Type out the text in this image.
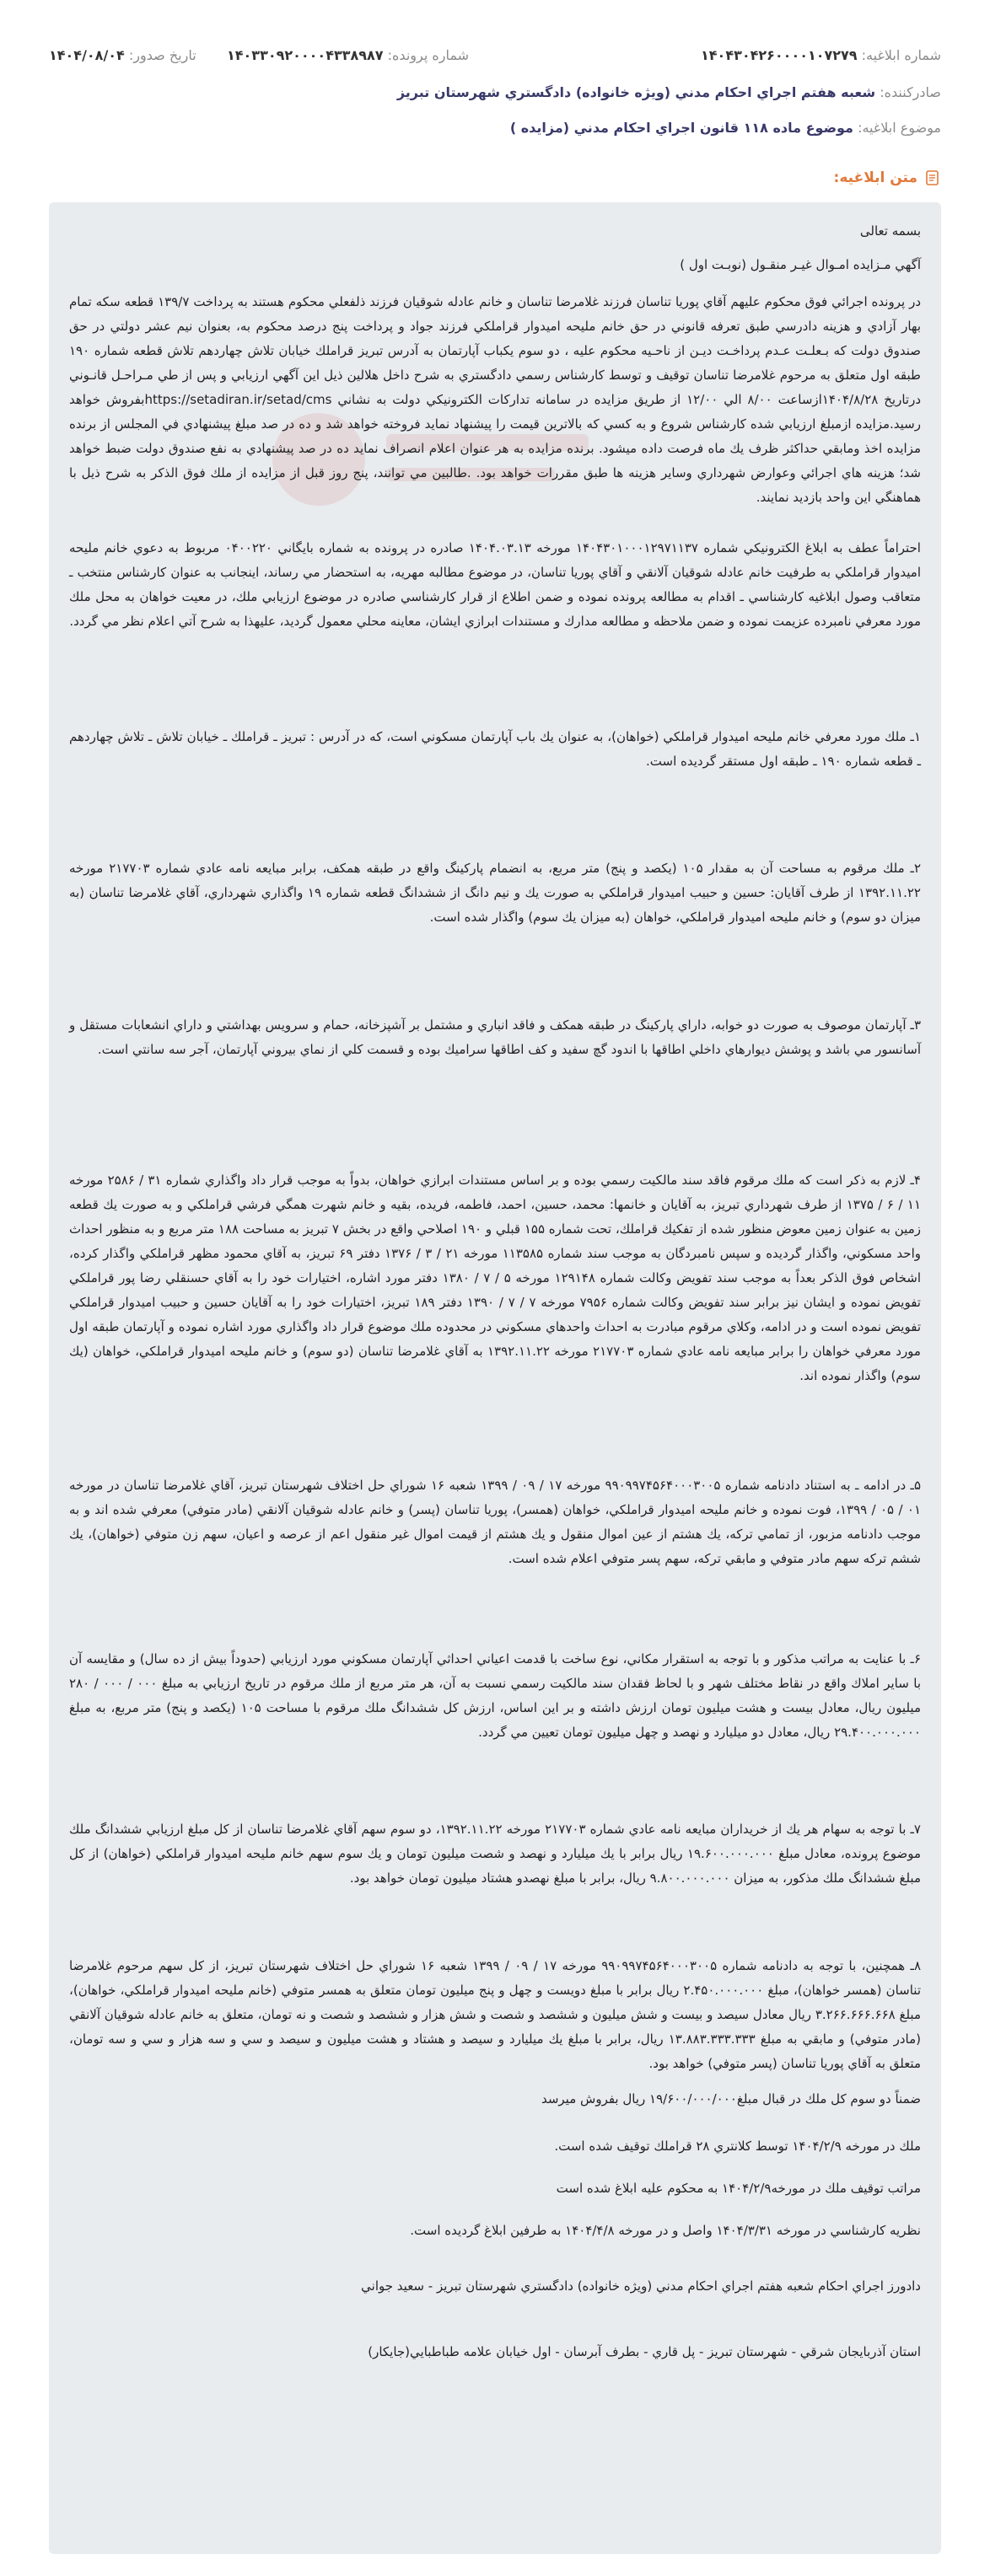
شماره ابلاغیه: ۱۴۰۴۳۰۴۲۶۰۰۰۰۱۰۷۲۷۹
شماره پرونده: ۱۴۰۳۳۰۹۲۰۰۰۰۴۳۳۸۹۸۷
تاریخ صدور: ۱۴۰۴/۰۸/۰۴
صادرکننده: شعبه هفتم اجراي احكام مدني (ويژه خانواده) دادگستري شهرستان تبريز
موضوع ابلاغیه: موضوع ماده ۱۱۸ قانون اجراي احكام مدني (مزايده )
متن ابلاغیه:

بسمه تعالی

آگهي مـزايده امـوال غيـر منقـول (نوبـت اول )

در پرونده اجرائي فوق محكوم عليهم آقاي پوريا تناسان فرزند غلامرضا تناسان و خانم عادله شوقيان فرزند ذلفعلي محكوم هستند به پرداخت ۱۳۹/۷ قطعه سكه تمام بهار آزادي و هزينه دادرسي طبق تعرفه قانوني در حق خانم مليحه اميدوار قراملكي فرزند جواد و پرداخت پنج درصد محكوم به، بعنوان نيم عشر دولتي در حق صندوق دولت كه بـعلـت عـدم پرداخـت ديـن از ناحـيه محكوم عليه ، دو سوم يكباب آپارتمان به آدرس تبريز قراملك خيابان تلاش چهاردهم تلاش قطعه شماره ۱۹۰ طبقه اول متعلق به مرحوم غلامرضا تناسان توقيف و توسط كارشناس رسمي دادگستري به شرح داخل هلالين ذيل اين آگهي ارزيابي و پس از طي مـراحـل قانـوني درتاريخ ۱۴۰۴/۸/۲۸ازساعت ۸/۰۰ الي ۱۲/۰۰ از طريق مزايده در سامانه تداركات الكترونيكي دولت به نشاني https://setadiran.ir/setad/cmsبفروش خواهد رسيد.مزايده ازمبلغ ارزيابي شده كارشناس شروع و به كسي كه بالاترين قيمت را پيشنهاد نمايد فروخته خواهد شد و ده در صد مبلغ پيشنهادي في المجلس از برنده مزايده اخذ ومابقي حداكثر ظرف يك ماه فرصت داده ميشود. برنده مزايده به هر عنوان اعلام انصراف نمايد ده در صد پيشنهادي به نفع صندوق دولت ضبط خواهد شد؛ هزينه هاي اجرائي وعوارض شهرداري وساير هزينه ها طبق مقررات خواهد بود. .طالبين مي توانند، پنج روز قبل از مزايده از ملك فوق الذكر به شرح ذيل با هماهنگي اين واحد بازديد نمايند.

احتراماً عطف به ابلاغ الكترونيكي شماره ۱۴۰۴۳۰۱۰۰۰۱۲۹۷۱۱۳۷ مورخه ۱۴۰۴.۰۳.۱۳ صادره در پرونده به شماره بايگاني ۰۴۰۰۲۲۰ مربوط به دعوي خانم مليحه اميدوار قراملكي به طرفيت خانم عادله شوقيان آلانقي و آقاي پوريا تناسان، در موضوع مطالبه مهريه، به استحضار مي رساند، اينجانب به عنوان كارشناس منتخب ـ متعاقب وصول ابلاغيه كارشناسي ـ اقدام به مطالعه پرونده نموده و ضمن اطلاع از قرار كارشناسي صادره در موضوع ارزيابي ملك، در معيت خواهان به محل ملك مورد معرفي نامبرده عزيمت نموده و ضمن ملاحظه و مطالعه مدارك و مستندات ابرازي ايشان، معاينه محلي معمول گرديد، عليهذا به شرح آتي اعلام نظر مي گردد.

۱ـ ملك مورد معرفي خانم مليحه اميدوار قراملكي (خواهان)، به عنوان يك باب آپارتمان مسكوني است، كه در آدرس : تبريز ـ قراملك ـ خيابان تلاش ـ تلاش چهاردهم ـ قطعه شماره ۱۹۰ ـ طبقه اول مستقر گرديده است.

۲ـ ملك مرقوم به مساحت آن به مقدار ۱۰۵ (يكصد و پنج) متر مربع، به انضمام پاركينگ واقع در طبقه همكف، برابر مبايعه نامه عادي شماره ۲۱۷۷۰۳ مورخه ۱۳۹۲.۱۱.۲۲ از طرف آقايان: حسين و حبيب اميدوار قراملكي به صورت يك و نيم دانگ از ششدانگ قطعه شماره ۱۹ واگذاري شهرداري، آقاي غلامرضا تناسان (به ميزان دو سوم) و خانم مليحه اميدوار قراملكي، خواهان (به ميزان يك سوم) واگذار شده است.

۳ـ آپارتمان موصوف به صورت دو خوابه، داراي پاركينگ در طبقه همكف و فاقد انباري و مشتمل بر آشپزخانه، حمام و سرويس بهداشتي و داراي انشعابات مستقل و آسانسور مي باشد و پوشش ديوارهاي داخلي اطاقها با اندود گچ سفيد و كف اطاقها سراميك بوده و قسمت كلي از نماي بيروني آپارتمان، آجر سه سانتي است.

۴ـ لازم به ذكر است كه ملك مرقوم فاقد سند مالكيت رسمي بوده و بر اساس مستندات ابرازي خواهان، بدواً به موجب قرار داد واگذاري شماره ۳۱ / ۲۵۸۶ مورخه ۱۱ / ۶ / ۱۳۷۵ از طرف شهرداري تبريز، به آقايان و خانمها: محمد، حسين، احمد، فاطمه، فريده، بقيه و خانم شهرت همگي فرشي قراملكي و به صورت يك قطعه زمين به عنوان زمين معوض منظور شده از تفكيك قراملك، تحت شماره ۱۵۵ قبلي و ۱۹۰ اصلاحي واقع در بخش ۷ تبريز به مساحت ۱۸۸ متر مربع و به منظور احداث واحد مسكوني، واگذار گرديده و سپس نامبردگان به موجب سند شماره ۱۱۳۵۸۵ مورخه ۲۱ / ۳ / ۱۳۷۶ دفتر ۶۹ تبريز، به آقاي محمود مظهر قراملكي واگذار كرده، اشخاص فوق الذكر بعداً به موجب سند تفويض وكالت شماره ۱۲۹۱۴۸ مورخه ۵ / ۷ / ۱۳۸۰ دفتر مورد اشاره، اختيارات خود را به آقاي حسنقلي رضا پور قراملكي تفويض نموده و ايشان نيز برابر سند تفويض وكالت شماره ۷۹۵۶ مورخه ۷ / ۷ / ۱۳۹۰ دفتر ۱۸۹ تبريز، اختيارات خود را به آقايان حسين و حبيب اميدوار قراملكي تفويض نموده است و در ادامه، وكلاي مرقوم مبادرت به احداث واحدهاي مسكوني در محدوده ملك موضوع قرار داد واگذاري مورد اشاره نموده و آپارتمان طبقه اول مورد معرفي خواهان را برابر مبايعه نامه عادي شماره ۲۱۷۷۰۳ مورخه ۱۳۹۲.۱۱.۲۲ به آقاي غلامرضا تناسان (دو سوم) و خانم مليحه اميدوار قراملكي، خواهان (يك سوم) واگذار نموده اند.

۵ـ در ادامه ـ به استناد دادنامه شماره ۹۹۰۹۹۷۴۵۶۴۰۰۰۳۰۰۵ مورخه ۱۷ / ۰۹ / ۱۳۹۹ شعبه ۱۶ شوراي حل اختلاف شهرستان تبريز، آقاي غلامرضا تناسان در مورخه ۰۱ / ۰۵ / ۱۳۹۹، فوت نموده و خانم مليحه اميدوار قراملكي، خواهان (همسر)، پوريا تناسان (پسر) و خانم عادله شوقيان آلانقي (مادر متوفي) معرفي شده اند و به موجب دادنامه مزبور، از تمامي تركه، يك هشتم از عين اموال منقول و يك هشتم از قيمت اموال غير منقول اعم از عرصه و اعيان، سهم زن متوفي (خواهان)، يك ششم تركه سهم مادر متوفي و مابقي تركه، سهم پسر متوفي اعلام شده است.

۶ـ با عنايت به مراتب مذكور و با توجه به استقرار مكاني، نوع ساخت با قدمت اعياني احداثي آپارتمان مسكوني مورد ارزيابي (حدوداً بيش از ده سال) و مقايسه آن با ساير املاك واقع در نقاط مختلف شهر و با لحاظ فقدان سند مالكيت رسمي نسبت به آن، هر متر مربع از ملك مرقوم در تاريخ ارزيابي به مبلغ ۰۰۰ / ۰۰۰ / ۲۸۰ ميليون ريال، معادل بيست و هشت ميليون تومان ارزش داشته و بر اين اساس، ارزش كل ششدانگ ملك مرقوم با مساحت ۱۰۵ (يكصد و پنج) متر مربع، به مبلغ ۲۹.۴۰۰.۰۰۰.۰۰۰ ريال، معادل دو ميليارد و نهصد و چهل ميليون تومان تعيين مي گردد.

۷ـ با توجه به سهام هر يك از خريداران مبايعه نامه عادي شماره ۲۱۷۷۰۳ مورخه ۱۳۹۲.۱۱.۲۲، دو سوم سهم آقاي غلامرضا تناسان از كل مبلغ ارزيابي ششدانگ ملك موضوع پرونده، معادل مبلغ ۱۹.۶۰۰.۰۰۰.۰۰۰ ريال برابر با يك ميليارد و نهصد و شصت ميليون تومان و يك سوم سهم خانم مليحه اميدوار قراملكي (خواهان) از كل مبلغ ششدانگ ملك مذكور، به ميزان ۹.۸۰۰.۰۰۰.۰۰۰ ريال، برابر با مبلغ نهصدو هشتاد ميليون تومان خواهد بود.

۸ـ همچنين، با توجه به دادنامه شماره ۹۹۰۹۹۷۴۵۶۴۰۰۰۳۰۰۵ مورخه ۱۷ / ۰۹ / ۱۳۹۹ شعبه ۱۶ شوراي حل اختلاف شهرستان تبريز، از كل سهم مرحوم غلامرضا تناسان (همسر خواهان)، مبلغ ۲.۴۵۰.۰۰۰.۰۰۰ ريال برابر با مبلغ دويست و چهل و پنج ميليون تومان متعلق به همسر متوفي (خانم مليحه اميدوار قراملكي، خواهان)، مبلغ ۳.۲۶۶.۶۶۶.۶۶۸ ريال معادل سيصد و بيست و شش ميليون و ششصد و شصت و شش هزار و ششصد و شصت و نه تومان، متعلق به خانم عادله شوقيان آلانقي (مادر متوفي) و مابقي به مبلغ ۱۳.۸۸۳.۳۳۳.۳۳۳ ريال، برابر با مبلغ يك ميليارد و سيصد و هشتاد و هشت ميليون و سيصد و سي و سه هزار و سي و سه تومان، متعلق به آقاي پوريا تناسان (پسر متوفي) خواهد بود.

ضمناً دو سوم كل ملك در قبال مبلغ۱۹/۶۰۰/۰۰۰/۰۰۰ ريال بفروش ميرسد

ملك در مورخه ۱۴۰۴/۲/۹ توسط كلانتري ۲۸ قراملك توقيف شده است.

مراتب توقيف ملك در مورخه۱۴۰۴/۲/۹ به محكوم عليه ابلاغ شده است

نظريه كارشناسي در مورخه ۱۴۰۴/۳/۳۱ واصل و در مورخه ۱۴۰۴/۴/۸ به طرفين ابلاغ گرديده است.

دادورز اجراي احكام شعبه هفتم اجراي احكام مدني (ويژه خانواده) دادگستري شهرستان تبريز - سعيد جواني

استان آذربايجان شرقي - شهرستان تبريز - پل قاري - بطرف آبرسان - اول خيابان علامه طباطبايي(جايكار)
